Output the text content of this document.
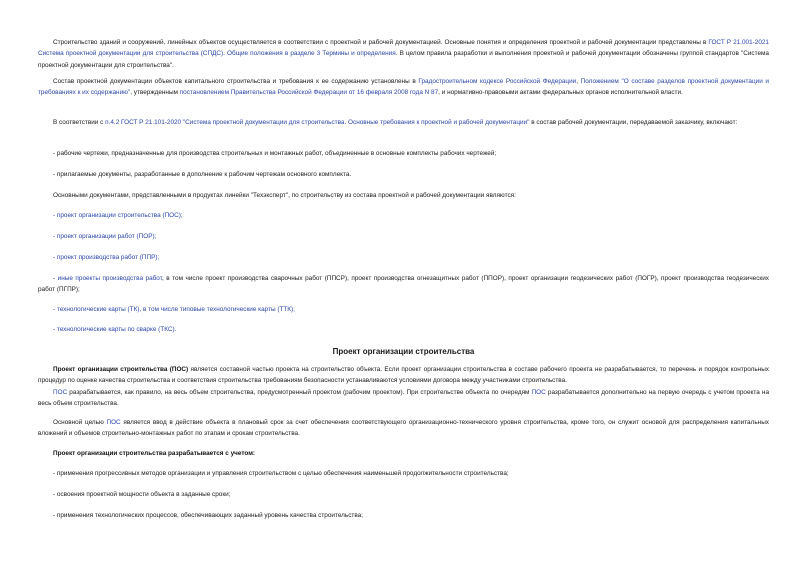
Строительство зданий и сооружений, линейных объектов осуществляется в соответствии с проектной и рабочей документацией. Основные понятия и определения проектной и рабочей документации представлены в ГОСТ Р 21.001-2021 Система проектной документации для строительства (СПДС). Общие положения в разделе 3 Термины и определения. В целом правила разработки и выполнения проектной и рабочей документации обозначены группой стандартов "Система проектной документации для строительства".
Состав проектной документации объектов капитального строительства и требования к ее содержанию установлены в Градостроительном кодексе Российской Федерации, Положением "О составе разделов проектной документации и требованиях к их содержанию", утвержденным постановлением Правительства Российской Федерации от 16 февраля 2008 года N 87, и нормативно-правовыми актами федеральных органов исполнительной власти.
В соответствии с п.4.2 ГОСТ Р 21.101-2020 "Система проектной документации для строительства. Основные требования к проектной и рабочей документации" в состав рабочей документации, передаваемой заказчику, включают:
- рабочие чертежи, предназначенные для производства строительных и монтажных работ, объединенные в основные комплекты рабочих чертежей;
- прилагаемые документы, разработанные в дополнение к рабочим чертежам основного комплекта.
Основными документами, представленными в продуктах линейки "Техэксперт", по строительству из состава проектной и рабочей документации являются:
- проект организации строительства (ПОС);
- проект организации работ (ПОР);
- проект производства работ (ППР);
- иные проекты производства работ, в том числе проект производства сварочных работ (ППСР), проект производства огнезащитных работ (ППОР), проект организации геодезических работ (ПОГР), проект производства геодезических работ (ПГПР);
- технологические карты (ТК), в том числе типовые технологические карты (ТТК);
- технологические карты по сварке (ТКС).
Проект организации строительства
Проект организации строительства (ПОС) является составной частью проекта на строительство объекта. Если проект организации строительства в составе рабочего проекта не разрабатывается, то перечень и порядок контрольных процедур по оценке качества строительства и соответствия строительства требованиям безопасности устанавливаются условиями договора между участниками строительства.
ПОС разрабатывается, как правило, на весь объем строительства, предусмотренный проектом (рабочим проектом). При строительстве объекта по очередям ПОС разрабатывается дополнительно на первую очередь с учетом проекта на весь объем строительства.
Основной целью ПОС является ввод в действие объекта в плановый срок за счет обеспечения соответствующего организационно-технического уровня строительства, кроме того, он служит основой для распределения капитальных вложений и объемов строительно-монтажных работ по этапам и срокам строительства.
Проект организации строительства разрабатывается с учетом:
- применения прогрессивных методов организации и управления строительством с целью обеспечения наименьшей продолжительности строительства;
- освоения проектной мощности объекта в заданные сроки;
- применения технологических процессов, обеспечивающих заданный уровень качества строительства;
